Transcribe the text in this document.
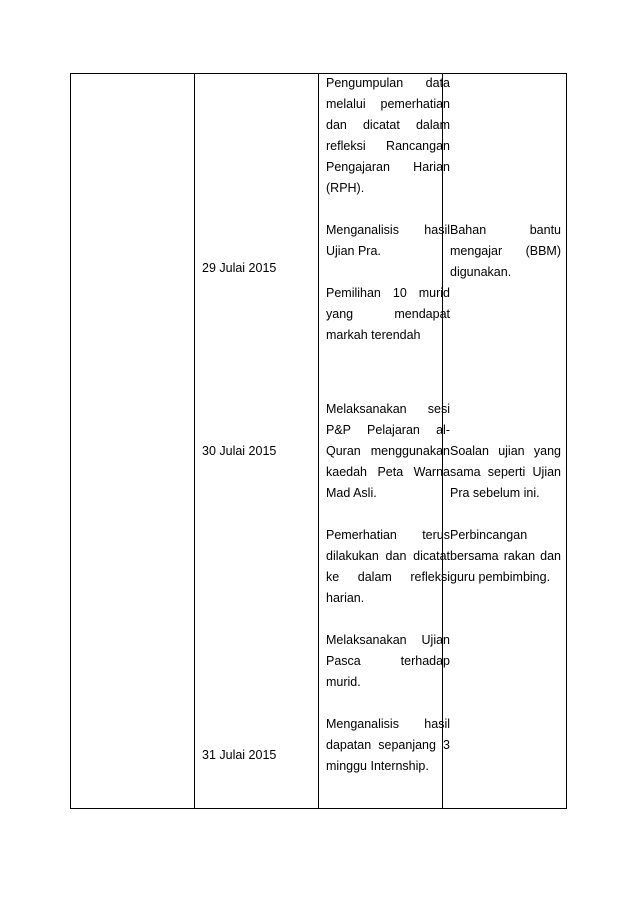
29 Julai 2015
30 Julai 2015
31 Julai 2015

Pengumpulan data

melalui pemerhatian

dan dicatat dalam

refleksi Rancangan

Pengajaran Harian

(RPH).

Menganalisis hasil

Ujian Pra.

Pemilihan 10 murid

yang mendapat

markah terendah

Melaksanakan sesi

P&P Pelajaran al-

Quran menggunakan

kaedah Peta Warna

Mad Asli.

Pemerhatian terus

dilakukan dan dicatat

ke dalam refleksi

harian.

Melaksanakan Ujian

Pasca terhadap

murid.

Menganalisis hasil

dapatan sepanjang 3

minggu Internship.

Bahan bantu

mengajar (BBM)

digunakan.

Soalan ujian yang

sama seperti Ujian

Pra sebelum ini.

Perbincangan

bersama rakan dan

guru pembimbing.
